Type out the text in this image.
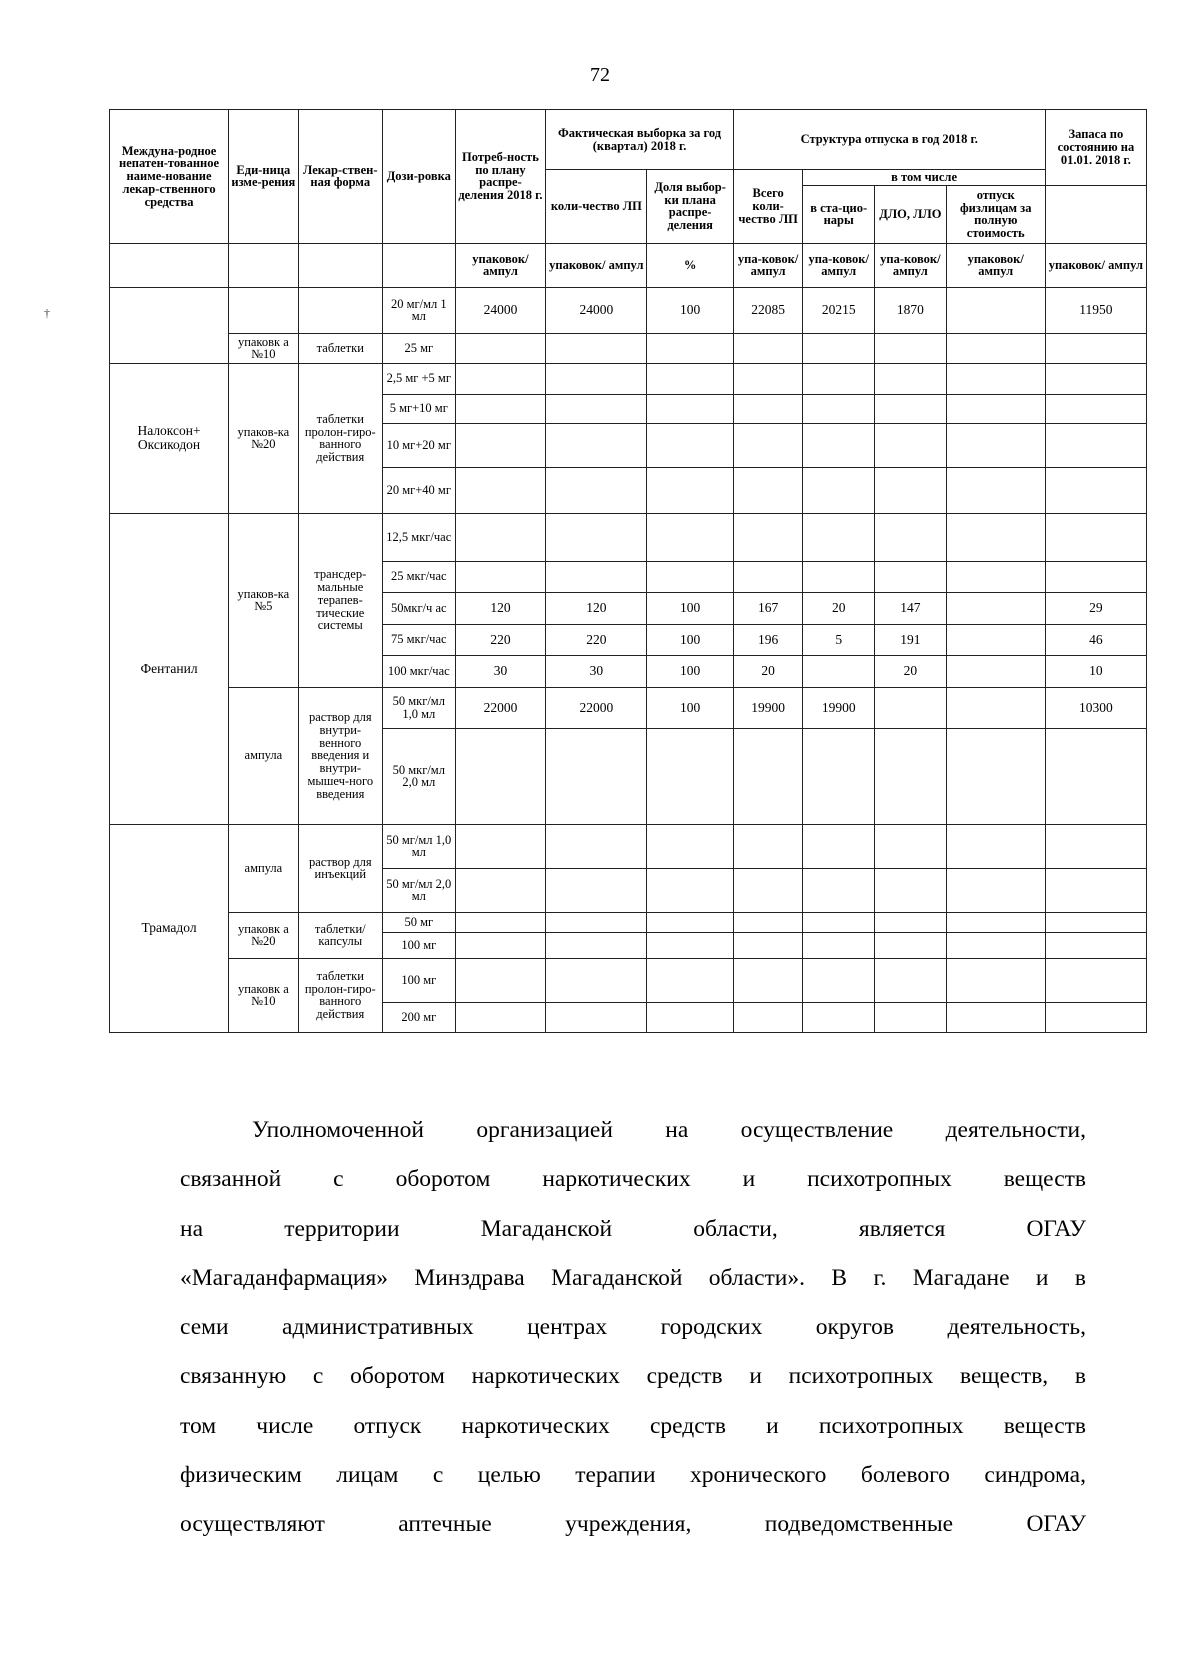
72
†
Междуна-родное непатен-тованное наиме-нование лекар-ственного средства	Еди-ница изме-рения	Лекар-ствен-ная форма	Дози-ровка	Потреб-ность по плану распре-деления 2018 г.	Фактическая выборка за год (квартал) 2018 г.		Структура отпуска в год 2018 г.				Запаса по состоянию на 01.01. 2018 г.
					коли-чество ЛП	Доля выбор-ки плана распре-деления	Всего коли-чество ЛП	в том числе			
								в ста-цио-нары	ДЛО, ЛЛО	отпуск физлицам за полную стоимость	
				упаковок/ ампул	упаковок/ ампул	%	упа-ковок/ ампул	упа-ковок/ ампул	упа-ковок/ ампул	упаковок/ ампул	упаковок/ ампул
			20 мг/мл 1 мл	24000	24000	100	22085	20215	1870		11950
	упаковк а №10	таблетки	25 мг								
Налоксон+ Оксикодон	упаков-ка №20	таблетки пролон-гиро-ванного действия	2,5 мг +5 мг								
			5 мг+10 мг								
			10 мг+20 мг								
			20 мг+40 мг								
Фентанил	упаков-ка №5	трансдер-мальные терапев-тические системы	12,5 мкг/час								
			25 мкг/час								
			50мкг/ч ас	120	120	100	167	20	147		29
			75 мкг/час	220	220	100	196	5	191		46
			100 мкг/час	30	30	100	20		20		10
	ампула	раствор для внутри-венного введения и внутри-мышеч-ного введения	50 мкг/мл 1,0 мл	22000	22000	100	19900	19900			10300
			50 мкг/мл 2,0 мл								
Трамадол	ампула	раствор для инъекций	50 мг/мл 1,0 мл								
			50 мг/мл 2,0 мл								
	упаковк а №20	таблетки/ капсулы	50 мг								
			100 мг								
	упаковк а №10	таблетки пролон-гиро-ванного действия	100 мг								
			200 мг								
Уполномоченной организацией на осуществление деятельности,
связанной с оборотом наркотических и психотропных веществ
на территории Магаданской области, является ОГАУ
«Магаданфармация» Минздрава Магаданской области». В г. Магадане и в
семи административных центрах городских округов деятельность,
связанную с оборотом наркотических средств и психотропных веществ, в
том числе отпуск наркотических средств и психотропных веществ
физическим лицам с целью терапии хронического болевого синдрома,
осуществляют аптечные учреждения, подведомственные ОГАУ
